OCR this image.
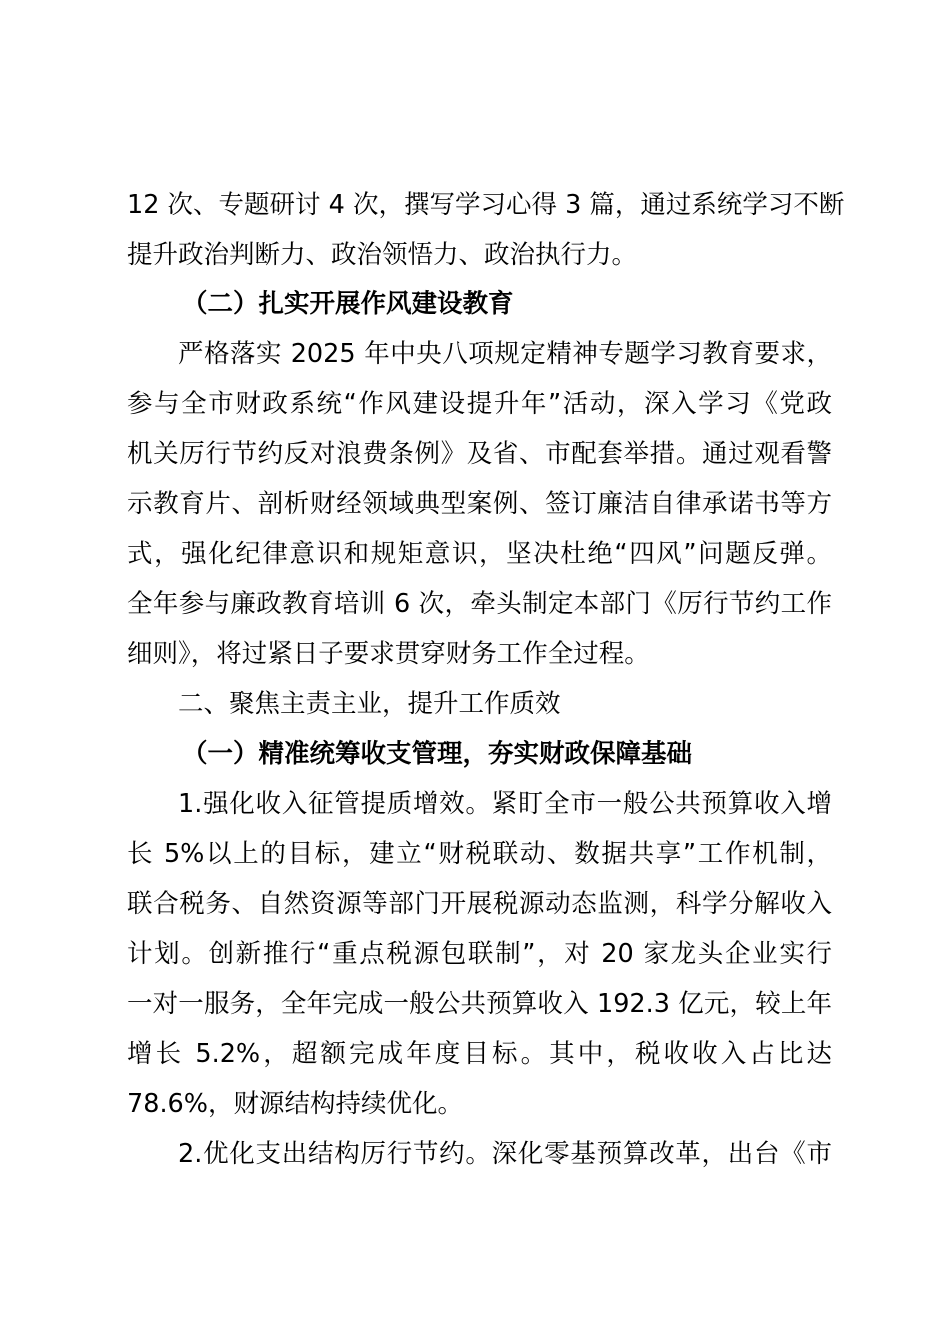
12 次、专题研讨 4 次，撰写学习心得 3 篇，通过系统学习不断
提升政治判断力、政治领悟力、政治执行力。
（二）扎实开展作风建设教育
严格落实 2025 年中央八项规定精神专题学习教育要求，
参与全市财政系统“作风建设提升年”活动，深入学习《党政
机关厉行节约反对浪费条例》及省、市配套举措。通过观看警
示教育片、剖析财经领域典型案例、签订廉洁自律承诺书等方
式，强化纪律意识和规矩意识，坚决杜绝“四风”问题反弹。
全年参与廉政教育培训 6 次，牵头制定本部门《厉行节约工作
细则》，将过紧日子要求贯穿财务工作全过程。
二、聚焦主责主业，提升工作质效
（一）精准统筹收支管理，夯实财政保障基础
1.强化收入征管提质增效。紧盯全市一般公共预算收入增
长 5%以上的目标，建立“财税联动、数据共享”工作机制，
联合税务、自然资源等部门开展税源动态监测，科学分解收入
计划。创新推行“重点税源包联制”，对 20 家龙头企业实行
一对一服务，全年完成一般公共预算收入 192.3 亿元，较上年
增长 5.2%，超额完成年度目标。其中，税收收入占比达
78.6%，财源结构持续优化。
2.优化支出结构厉行节约。深化零基预算改革，出台《市
